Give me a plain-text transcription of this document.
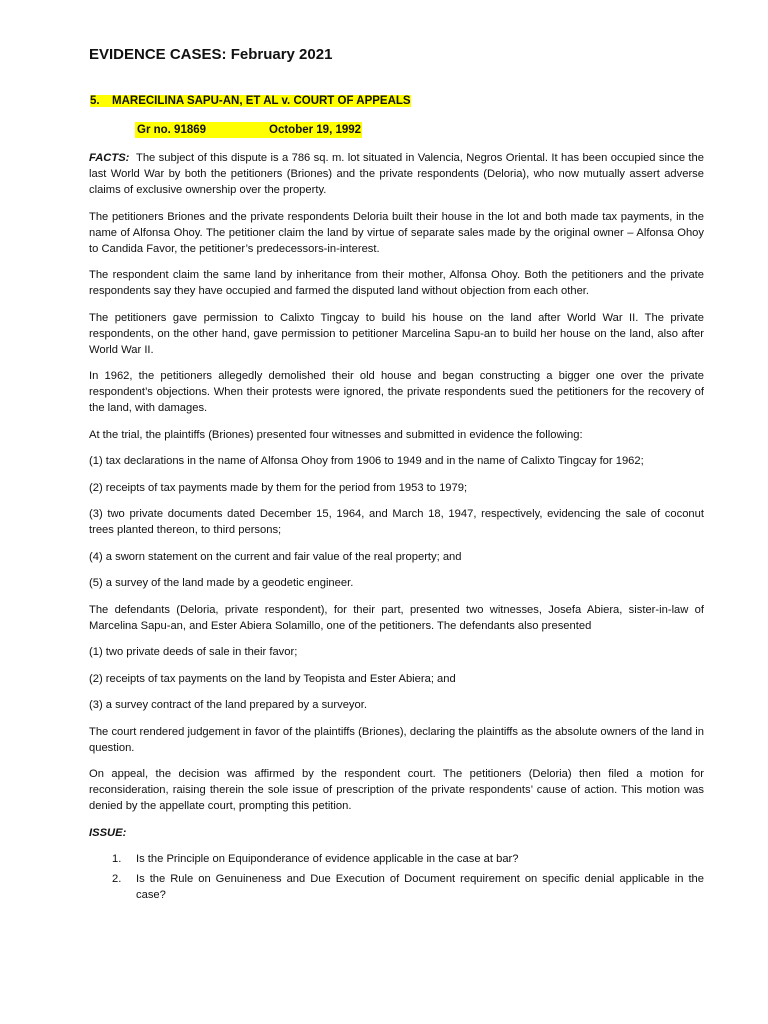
EVIDENCE CASES: February 2021
5. MARECILINA SAPU-AN, ET AL v. COURT OF APPEALS
Gr no. 91869	October 19, 1992

FACTS: The subject of this dispute is a 786 sq. m. lot situated in Valencia, Negros Oriental. It has been occupied since the last World War by both the petitioners (Briones) and the private respondents (Deloria), who now mutually assert adverse claims of exclusive ownership over the property.

The petitioners Briones and the private respondents Deloria built their house in the lot and both made tax payments, in the name of Alfonsa Ohoy. The petitioner claim the land by virtue of separate sales made by the original owner – Alfonsa Ohoy to Candida Favor, the petitioner’s predecessors-in-interest.

The respondent claim the same land by inheritance from their mother, Alfonsa Ohoy. Both the petitioners and the private respondents say they have occupied and farmed the disputed land without objection from each other.

The petitioners gave permission to Calixto Tingcay to build his house on the land after World War II. The private respondents, on the other hand, gave permission to petitioner Marcelina Sapu-an to build her house on the land, also after World War II.

In 1962, the petitioners allegedly demolished their old house and began constructing a bigger one over the private respondent’s objections. When their protests were ignored, the private respondents sued the petitioners for the recovery of the land, with damages.

At the trial, the plaintiffs (Briones) presented four witnesses and submitted in evidence the following:

(1) tax declarations in the name of Alfonsa Ohoy from 1906 to 1949 and in the name of Calixto Tingcay for 1962;

(2) receipts of tax payments made by them for the period from 1953 to 1979;

(3) two private documents dated December 15, 1964, and March 18, 1947, respectively, evidencing the sale of coconut trees planted thereon, to third persons;

(4) a sworn statement on the current and fair value of the real property; and

(5) a survey of the land made by a geodetic engineer.

The defendants (Deloria, private respondent), for their part, presented two witnesses, Josefa Abiera, sister-in-law of Marcelina Sapu-an, and Ester Abiera Solamillo, one of the petitioners. The defendants also presented

(1) two private deeds of sale in their favor;

(2) receipts of tax payments on the land by Teopista and Ester Abiera; and

(3) a survey contract of the land prepared by a surveyor.

The court rendered judgement in favor of the plaintiffs (Briones), declaring the plaintiffs as the absolute owners of the land in question.

On appeal, the decision was affirmed by the respondent court. The petitioners (Deloria) then filed a motion for reconsideration, raising therein the sole issue of prescription of the private respondents’ cause of action. This motion was denied by the appellate court, prompting this petition.

ISSUE:

1. Is the Principle on Equiponderance of evidence applicable in the case at bar?
2. Is the Rule on Genuineness and Due Execution of Document requirement on specific denial applicable in the case?
